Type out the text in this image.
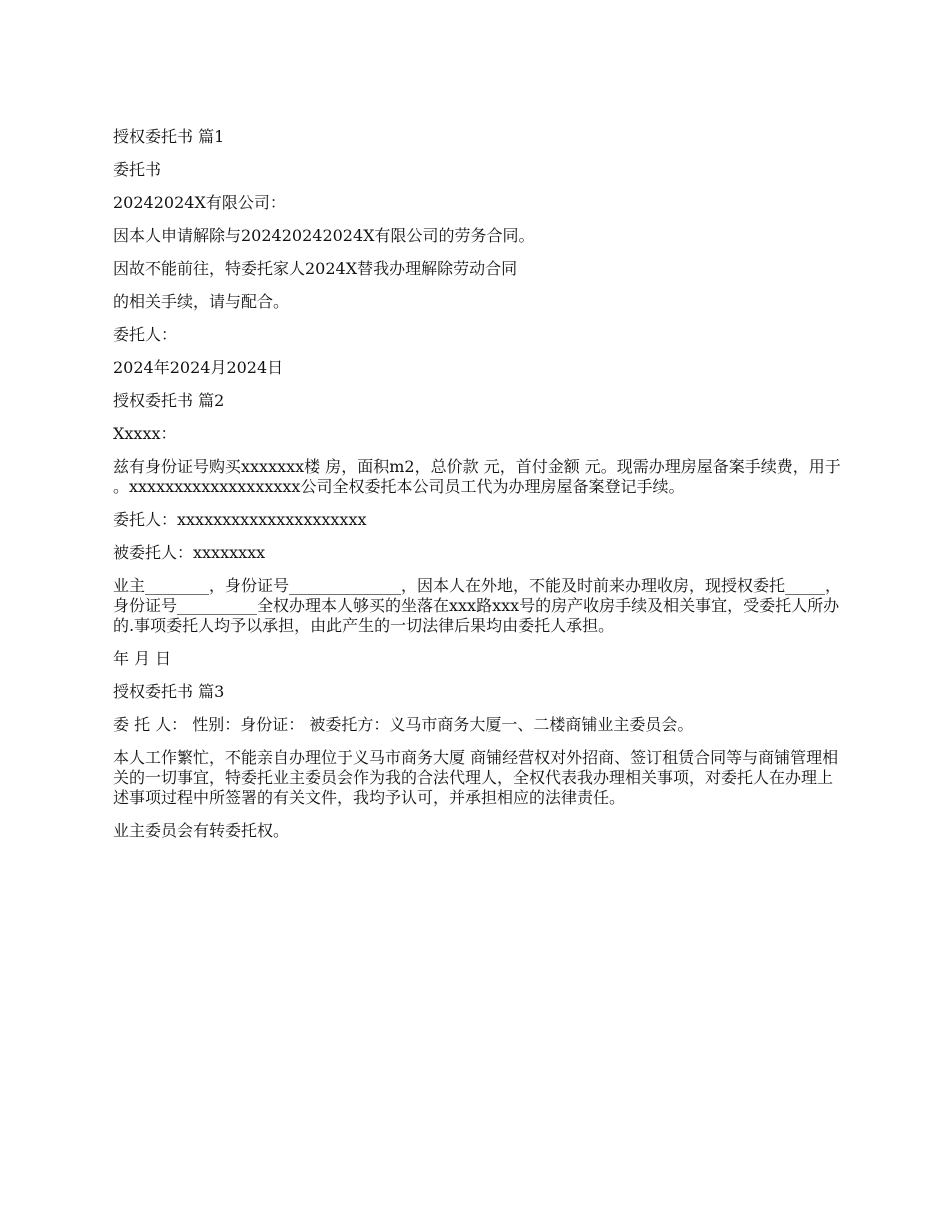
授权委托书 篇1

委托书

20242024X有限公司：

因本人申请解除与202420242024X有限公司的劳务合同。

因故不能前往，特委托家人2024X替我办理解除劳动合同

的相关手续，请与配合。

委托人：

2024年2024月2024日

授权委托书 篇2

Xxxxx：

兹有身份证号购买xxxxxxx楼 房，面积m2，总价款 元，首付金额 元。现需办理房屋备案手续费，用于 。xxxxxxxxxxxxxxxxxxx公司全权委托本公司员工代为办理房屋备案登记手续。

委托人：xxxxxxxxxxxxxxxxxxxxx

被委托人：xxxxxxxx

业主________，身份证号______________，因本人在外地，不能及时前来办理收房，现授权委托_____，身份证号__________全权办理本人够买的坐落在xxx路xxx号的房产收房手续及相关事宜，受委托人所办的.事项委托人均予以承担，由此产生的一切法律后果均由委托人承担。

年 月 日

授权委托书 篇3

委 托 人： 性别：身份证： 被委托方：义马市商务大厦一、二楼商铺业主委员会。

本人工作繁忙，不能亲自办理位于义马市商务大厦 商铺经营权对外招商、签订租赁合同等与商铺管理相关的一切事宜，特委托业主委员会作为我的合法代理人，全权代表我办理相关事项，对委托人在办理上述事项过程中所签署的有关文件，我均予认可，并承担相应的法律责任。

业主委员会有转委托权。
